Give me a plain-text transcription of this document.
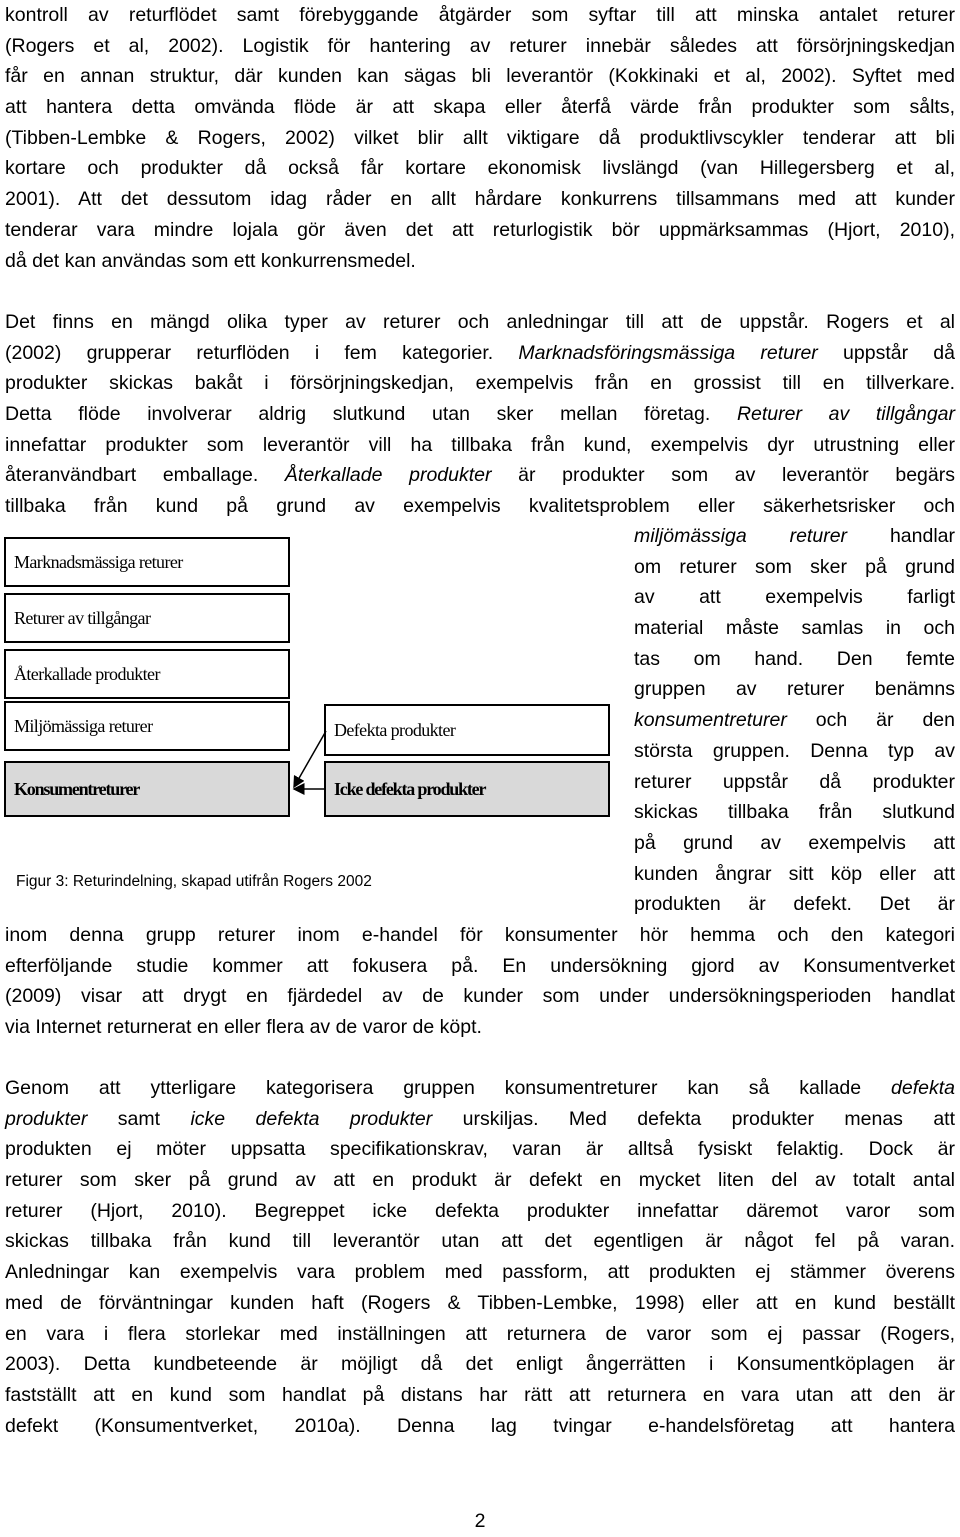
kontroll av returflödet samt förebyggande åtgärder som syftar till att minska antalet returer
(Rogers et al, 2002). Logistik för hantering av returer innebär således att försörjningskedjan
får en annan struktur, där kunden kan sägas bli leverantör (Kokkinaki et al, 2002). Syftet med
att hantera detta omvända flöde är att skapa eller återfå värde från produkter som sålts,
(Tibben-Lembke & Rogers, 2002) vilket blir allt viktigare då produktlivscykler tenderar att bli
kortare och produkter då också får kortare ekonomisk livslängd (van Hillegersberg et al,
2001). Att det dessutom idag råder en allt hårdare konkurrens tillsammans med att kunder
tenderar vara mindre lojala gör även det att returlogistik bör uppmärksammas (Hjort, 2010),
då det kan användas som ett konkurrensmedel.
Det finns en mängd olika typer av returer och anledningar till att de uppstår. Rogers et al
(2002) grupperar returflöden i fem kategorier. Marknadsföringsmässiga returer uppstår då
produkter skickas bakåt i försörjningskedjan, exempelvis från en grossist till en tillverkare.
Detta flöde involverar aldrig slutkund utan sker mellan företag. Returer av tillgångar
innefattar produkter som leverantör vill ha tillbaka från kund, exempelvis dyr utrustning eller
återanvändbart emballage. Återkallade produkter är produkter som av leverantör begärs
tillbaka från kund på grund av exempelvis kvalitetsproblem eller säkerhetsrisker och
miljömässiga returer handlar
om returer som sker på grund
av att exempelvis farligt
material måste samlas in och
tas om hand. Den femte
gruppen av returer benämns
konsumentreturer och är den
största gruppen. Denna typ av
returer uppstår då produkter
skickas tillbaka från slutkund
på grund av exempelvis att
kunden ångrar sitt köp eller att
produkten är defekt. Det är
inom denna grupp returer inom e-handel för konsumenter hör hemma och den kategori
efterföljande studie kommer att fokusera på. En undersökning gjord av Konsumentverket
(2009) visar att drygt en fjärdedel av de kunder som under undersökningsperioden handlat
via Internet returnerat en eller flera av de varor de köpt.
Genom att ytterligare kategorisera gruppen konsumentreturer kan så kallade defekta
produkter samt icke defekta produkter urskiljas. Med defekta produkter menas att
produkten ej möter uppsatta specifikationskrav, varan är alltså fysiskt felaktig. Dock är
returer som sker på grund av att en produkt är defekt en mycket liten del av totalt antal
returer (Hjort, 2010). Begreppet icke defekta produkter innefattar däremot varor som
skickas tillbaka från kund till leverantör utan att det egentligen är något fel på varan.
Anledningar kan exempelvis vara problem med passform, att produkten ej stämmer överens
med de förväntningar kunden haft (Rogers & Tibben-Lembke, 1998) eller att en kund beställt
en vara i flera storlekar med inställningen att returnera de varor som ej passar (Rogers,
2003). Detta kundbeteende är möjligt då det enligt ångerrätten i Konsumentköplagen är
fastställt att en kund som handlat på distans har rätt att returnera en vara utan att den är
defekt (Konsumentverket, 2010a). Denna lag tvingar e-handelsföretag att hantera
Marknadsmässiga returer
Returer av tillgångar
Återkallade produkter
Miljömässiga returer
Konsumentreturer
Defekta produkter
Icke defekta produkter
Figur 3: Returindelning, skapad utifrån Rogers 2002
2
